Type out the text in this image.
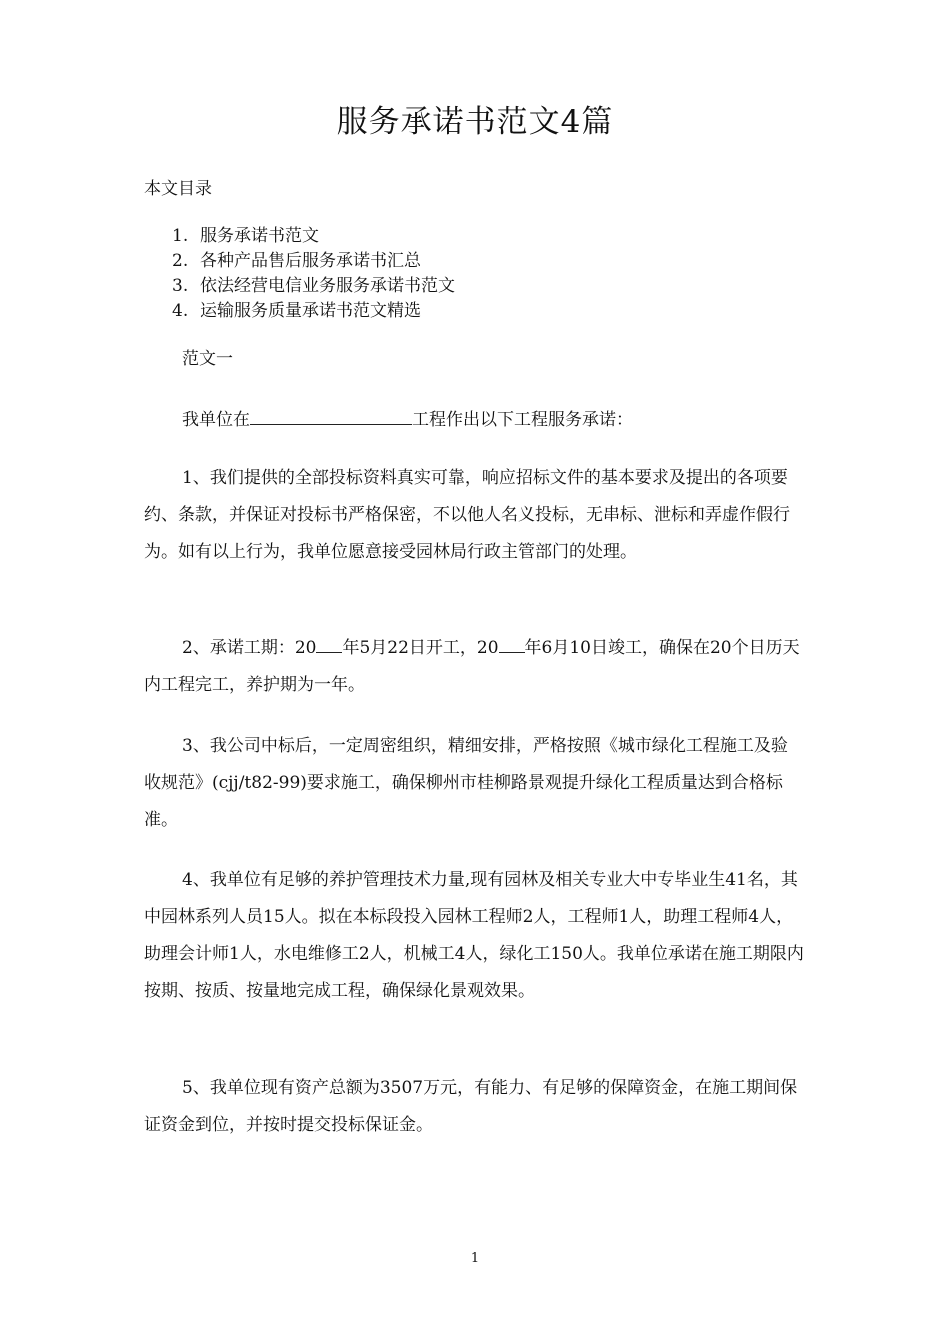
服务承诺书范文4篇
本文目录
1. 服务承诺书范文
2. 各种产品售后服务承诺书汇总
3. 依法经营电信业务服务承诺书范文
4. 运输服务质量承诺书范文精选
范文一

我单位在	工程作出以下工程服务承诺：

1、我们提供的全部投标资料真实可靠，响应招标文件的基本要求及提出的各项要约、条款，并保证对投标书严格保密，不以他人名义投标，无串标、泄标和弄虚作假行为。如有以上行为，我单位愿意接受园林局行政主管部门的处理。

2、承诺工期：20 年5月22日开工，20 年6月10日竣工，确保在20个日历天内工程完工，养护期为一年。

3、我公司中标后，一定周密组织，精细安排，严格按照《城市绿化工程施工及验收规范》(cjj/t82-99)要求施工，确保柳州市桂柳路景观提升绿化工程质量达到合格标准。

4、我单位有足够的养护管理技术力量,现有园林及相关专业大中专毕业生41名，其中园林系列人员15人。拟在本标段投入园林工程师2人，工程师1人，助理工程师4人，助理会计师1人，水电维修工2人，机械工4人，绿化工150人。我单位承诺在施工期限内按期、按质、按量地完成工程，确保绿化景观效果。

5、我单位现有资产总额为3507万元，有能力、有足够的保障资金，在施工期间保证资金到位，并按时提交投标保证金。

1
